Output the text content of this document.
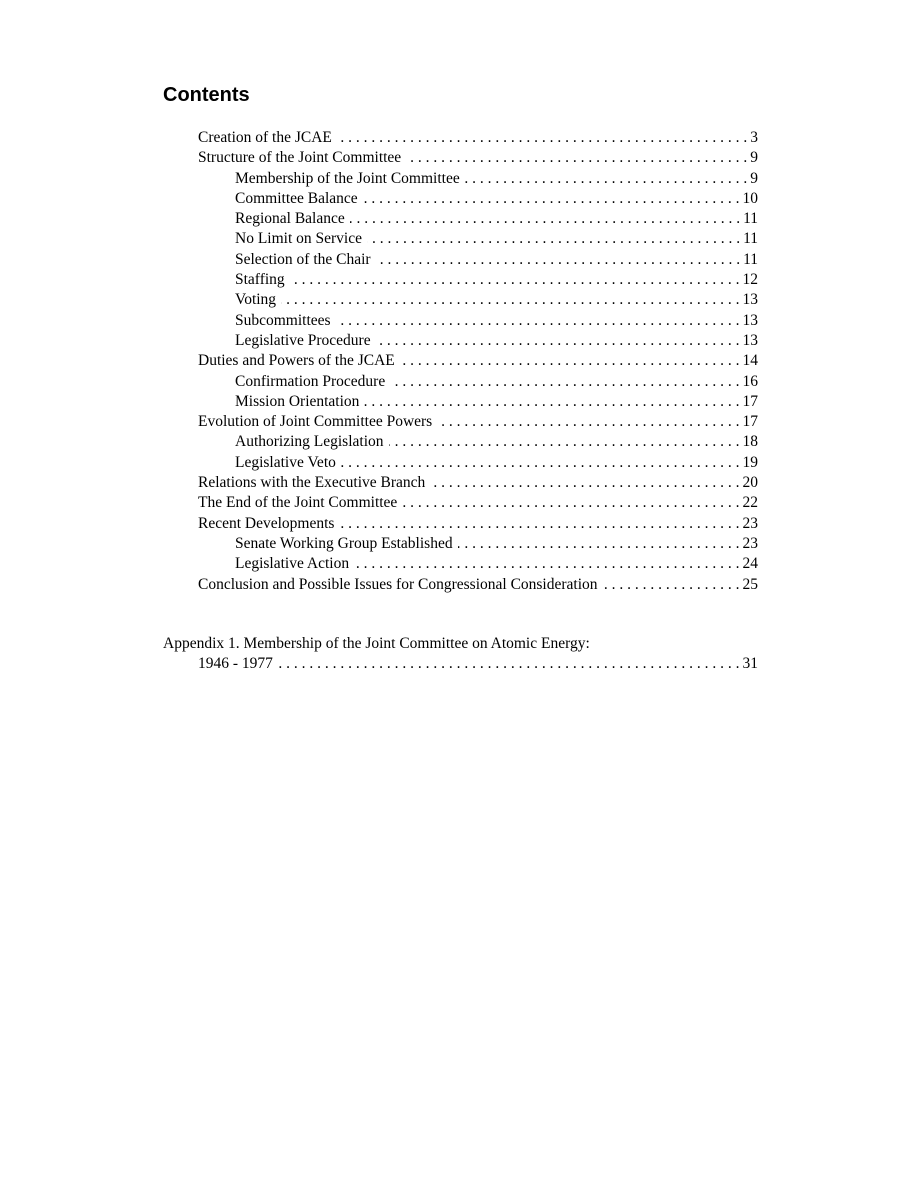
Contents
Creation of the JCAE . . .	3
Structure of the Joint Committee . . .	9
Membership of the Joint Committee . . .	9
Committee Balance . . .	10
Regional Balance . . .	11
No Limit on Service . . .	11
Selection of the Chair . . .	11
Staffing . . .	12
Voting . . .	13
Subcommittees . . .	13
Legislative Procedure . . .	13
Duties and Powers of the JCAE . . .	14
Confirmation Procedure . . .	16
Mission Orientation . . .	17
Evolution of Joint Committee Powers . . .	17
Authorizing Legislation . . .	18
Legislative Veto . . .	19
Relations with the Executive Branch . . .	20
The End of the Joint Committee . . .	22
Recent Developments . . .	23
Senate Working Group Established . . .	23
Legislative Action . . .	24
Conclusion and Possible Issues for Congressional Consideration . . .	25
Appendix 1. Membership of the Joint Committee on Atomic Energy:
1946 - 1977 . . .	31
